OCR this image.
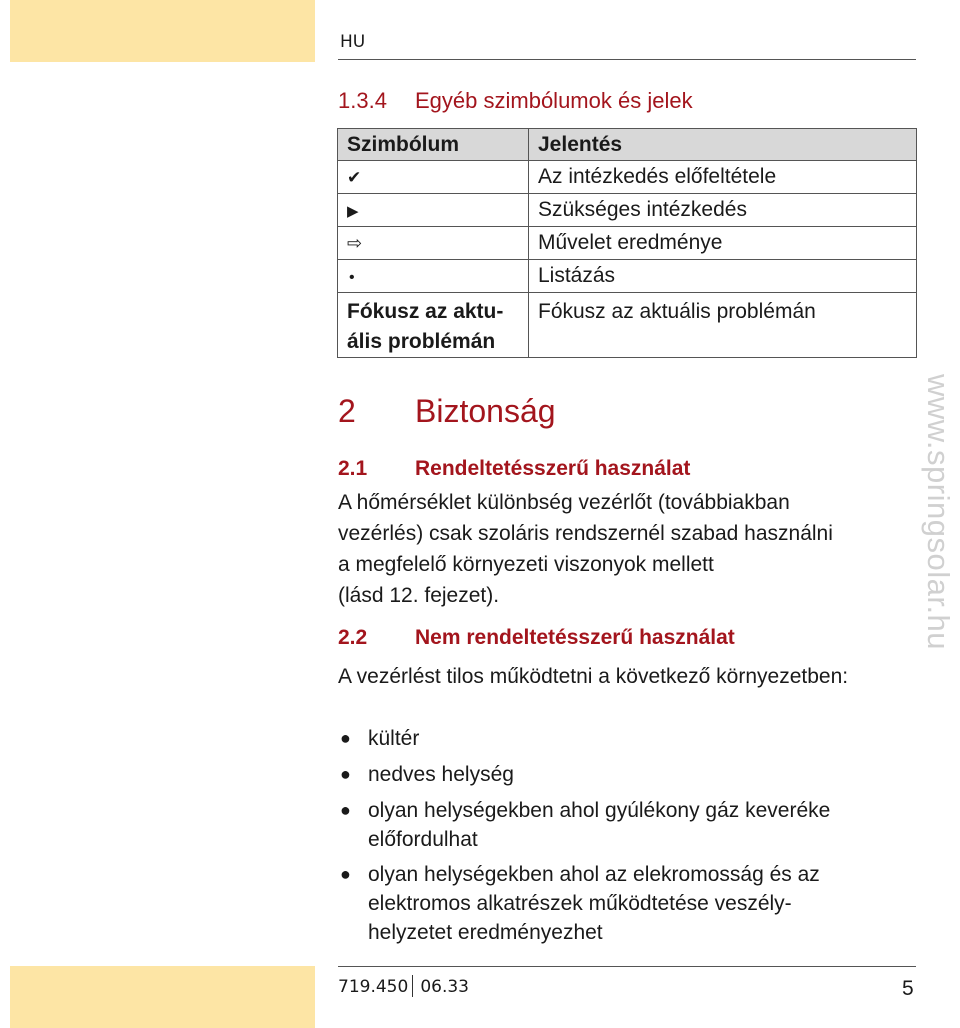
HU
1.3.4 Egyéb szimbólumok és jelek
Szimbólum	Jelentés
✔	Az intézkedés előfeltétele
▶	Szükséges intézkedés
⇨	Művelet eredménye
•	Listázás
Fókusz az aktu-
ális problémán	Fókusz az aktuális problémán
2 Biztonság
2.1 Rendeltetésszerű használat
A hőmérséklet különbség vezérlőt (továbbiakban
vezérlés) csak szoláris rendszernél szabad használni
a megfelelő környezeti viszonyok mellett
(lásd 12. fejezet).
2.2 Nem rendeltetésszerű használat
A vezérlést tilos működtetni a következő környezetben:
● kültér
● nedves helység
● olyan helységekben ahol gyúlékony gáz keveréke
előfordulhat
● olyan helységekben ahol az elekromosság és az
elektromos alkatrészek működtetése veszély-
helyzetet eredményezhet
www.springsolar.hu
719.450 06.33	5
